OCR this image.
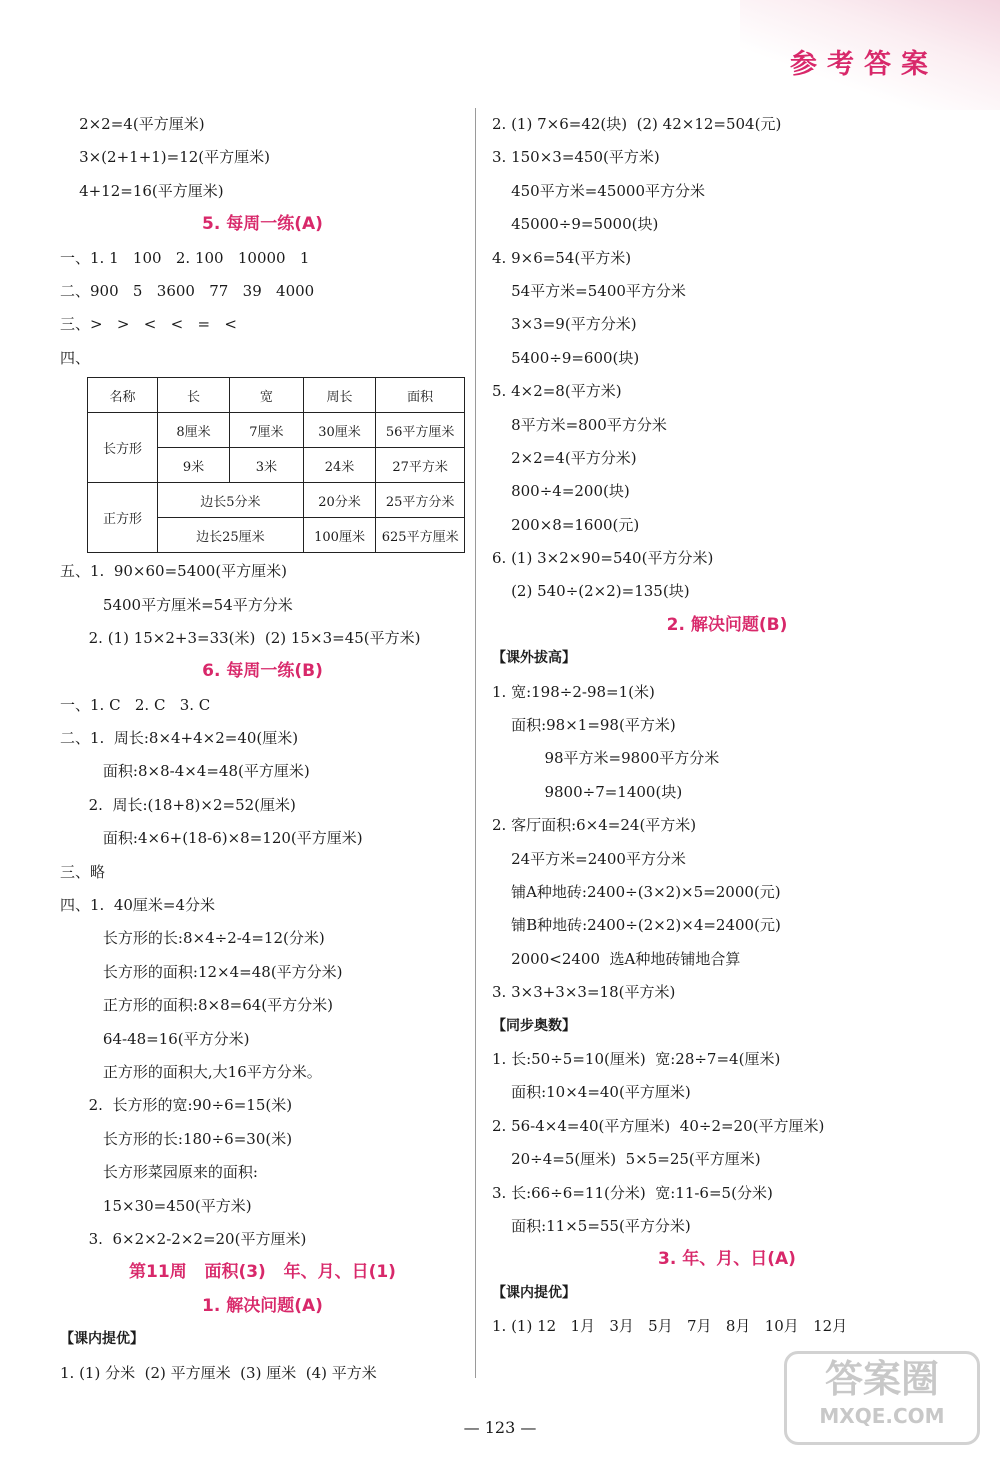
参考答案
2×2=4(平方厘米)
3×(2+1+1)=12(平方厘米)
4+12=16(平方厘米)
5. 每周一练(A)
一、1. 1   100   2. 100   10000   1
二、900   5   3600   77   39   4000
三、>   >   <   <   =   <
四、
名称	长	宽	周长	面积
长方形	8厘米	7厘米	30厘米	56平方厘米
	9米	3米	24米	27平方米
正方形	边长5分米		20分米	25平方分米
	边长25厘米		100厘米	625平方厘米
五、1.  90×60=5400(平方厘米)
5400平方厘米=54平方分米
2. (1) 15×2+3=33(米)  (2) 15×3=45(平方米)
6. 每周一练(B)
一、1. C   2. C   3. C
二、1.  周长:8×4+4×2=40(厘米)
面积:8×8-4×4=48(平方厘米)
2.  周长:(18+8)×2=52(厘米)
面积:4×6+(18-6)×8=120(平方厘米)
三、略
四、1.  40厘米=4分米
长方形的长:8×4÷2-4=12(分米)
长方形的面积:12×4=48(平方分米)
正方形的面积:8×8=64(平方分米)
64-48=16(平方分米)
正方形的面积大,大16平方分米。
2.  长方形的宽:90÷6=15(米)
长方形的长:180÷6=30(米)
长方形菜园原来的面积:
15×30=450(平方米)
3.  6×2×2-2×2=20(平方厘米)
第11周   面积(3)   年、月、日(1)
1. 解决问题(A)
【课内提优】
1. (1) 分米  (2) 平方厘米  (3) 厘米  (4) 平方米
2. (1) 7×6=42(块)  (2) 42×12=504(元)
3. 150×3=450(平方米)
450平方米=45000平方分米
45000÷9=5000(块)
4. 9×6=54(平方米)
54平方米=5400平方分米
3×3=9(平方分米)
5400÷9=600(块)
5. 4×2=8(平方米)
8平方米=800平方分米
2×2=4(平方分米)
800÷4=200(块)
200×8=1600(元)
6. (1) 3×2×90=540(平方分米)
(2) 540÷(2×2)=135(块)
2. 解决问题(B)
【课外拔高】
1. 宽:198÷2-98=1(米)
面积:98×1=98(平方米)
98平方米=9800平方分米
9800÷7=1400(块)
2. 客厅面积:6×4=24(平方米)
24平方米=2400平方分米
铺A种地砖:2400÷(3×2)×5=2000(元)
铺B种地砖:2400÷(2×2)×4=2400(元)
2000<2400  选A种地砖铺地合算
3. 3×3+3×3=18(平方米)
【同步奥数】
1. 长:50÷5=10(厘米)  宽:28÷7=4(厘米)
面积:10×4=40(平方厘米)
2. 56-4×4=40(平方厘米)  40÷2=20(平方厘米)
20÷4=5(厘米)  5×5=25(平方厘米)
3. 长:66÷6=11(分米)  宽:11-6=5(分米)
面积:11×5=55(平方分米)
3. 年、月、日(A)
【课内提优】
1. (1) 12   1月   3月   5月   7月   8月   10月   12月
— 123 —
答案圈
MXQE.COM
